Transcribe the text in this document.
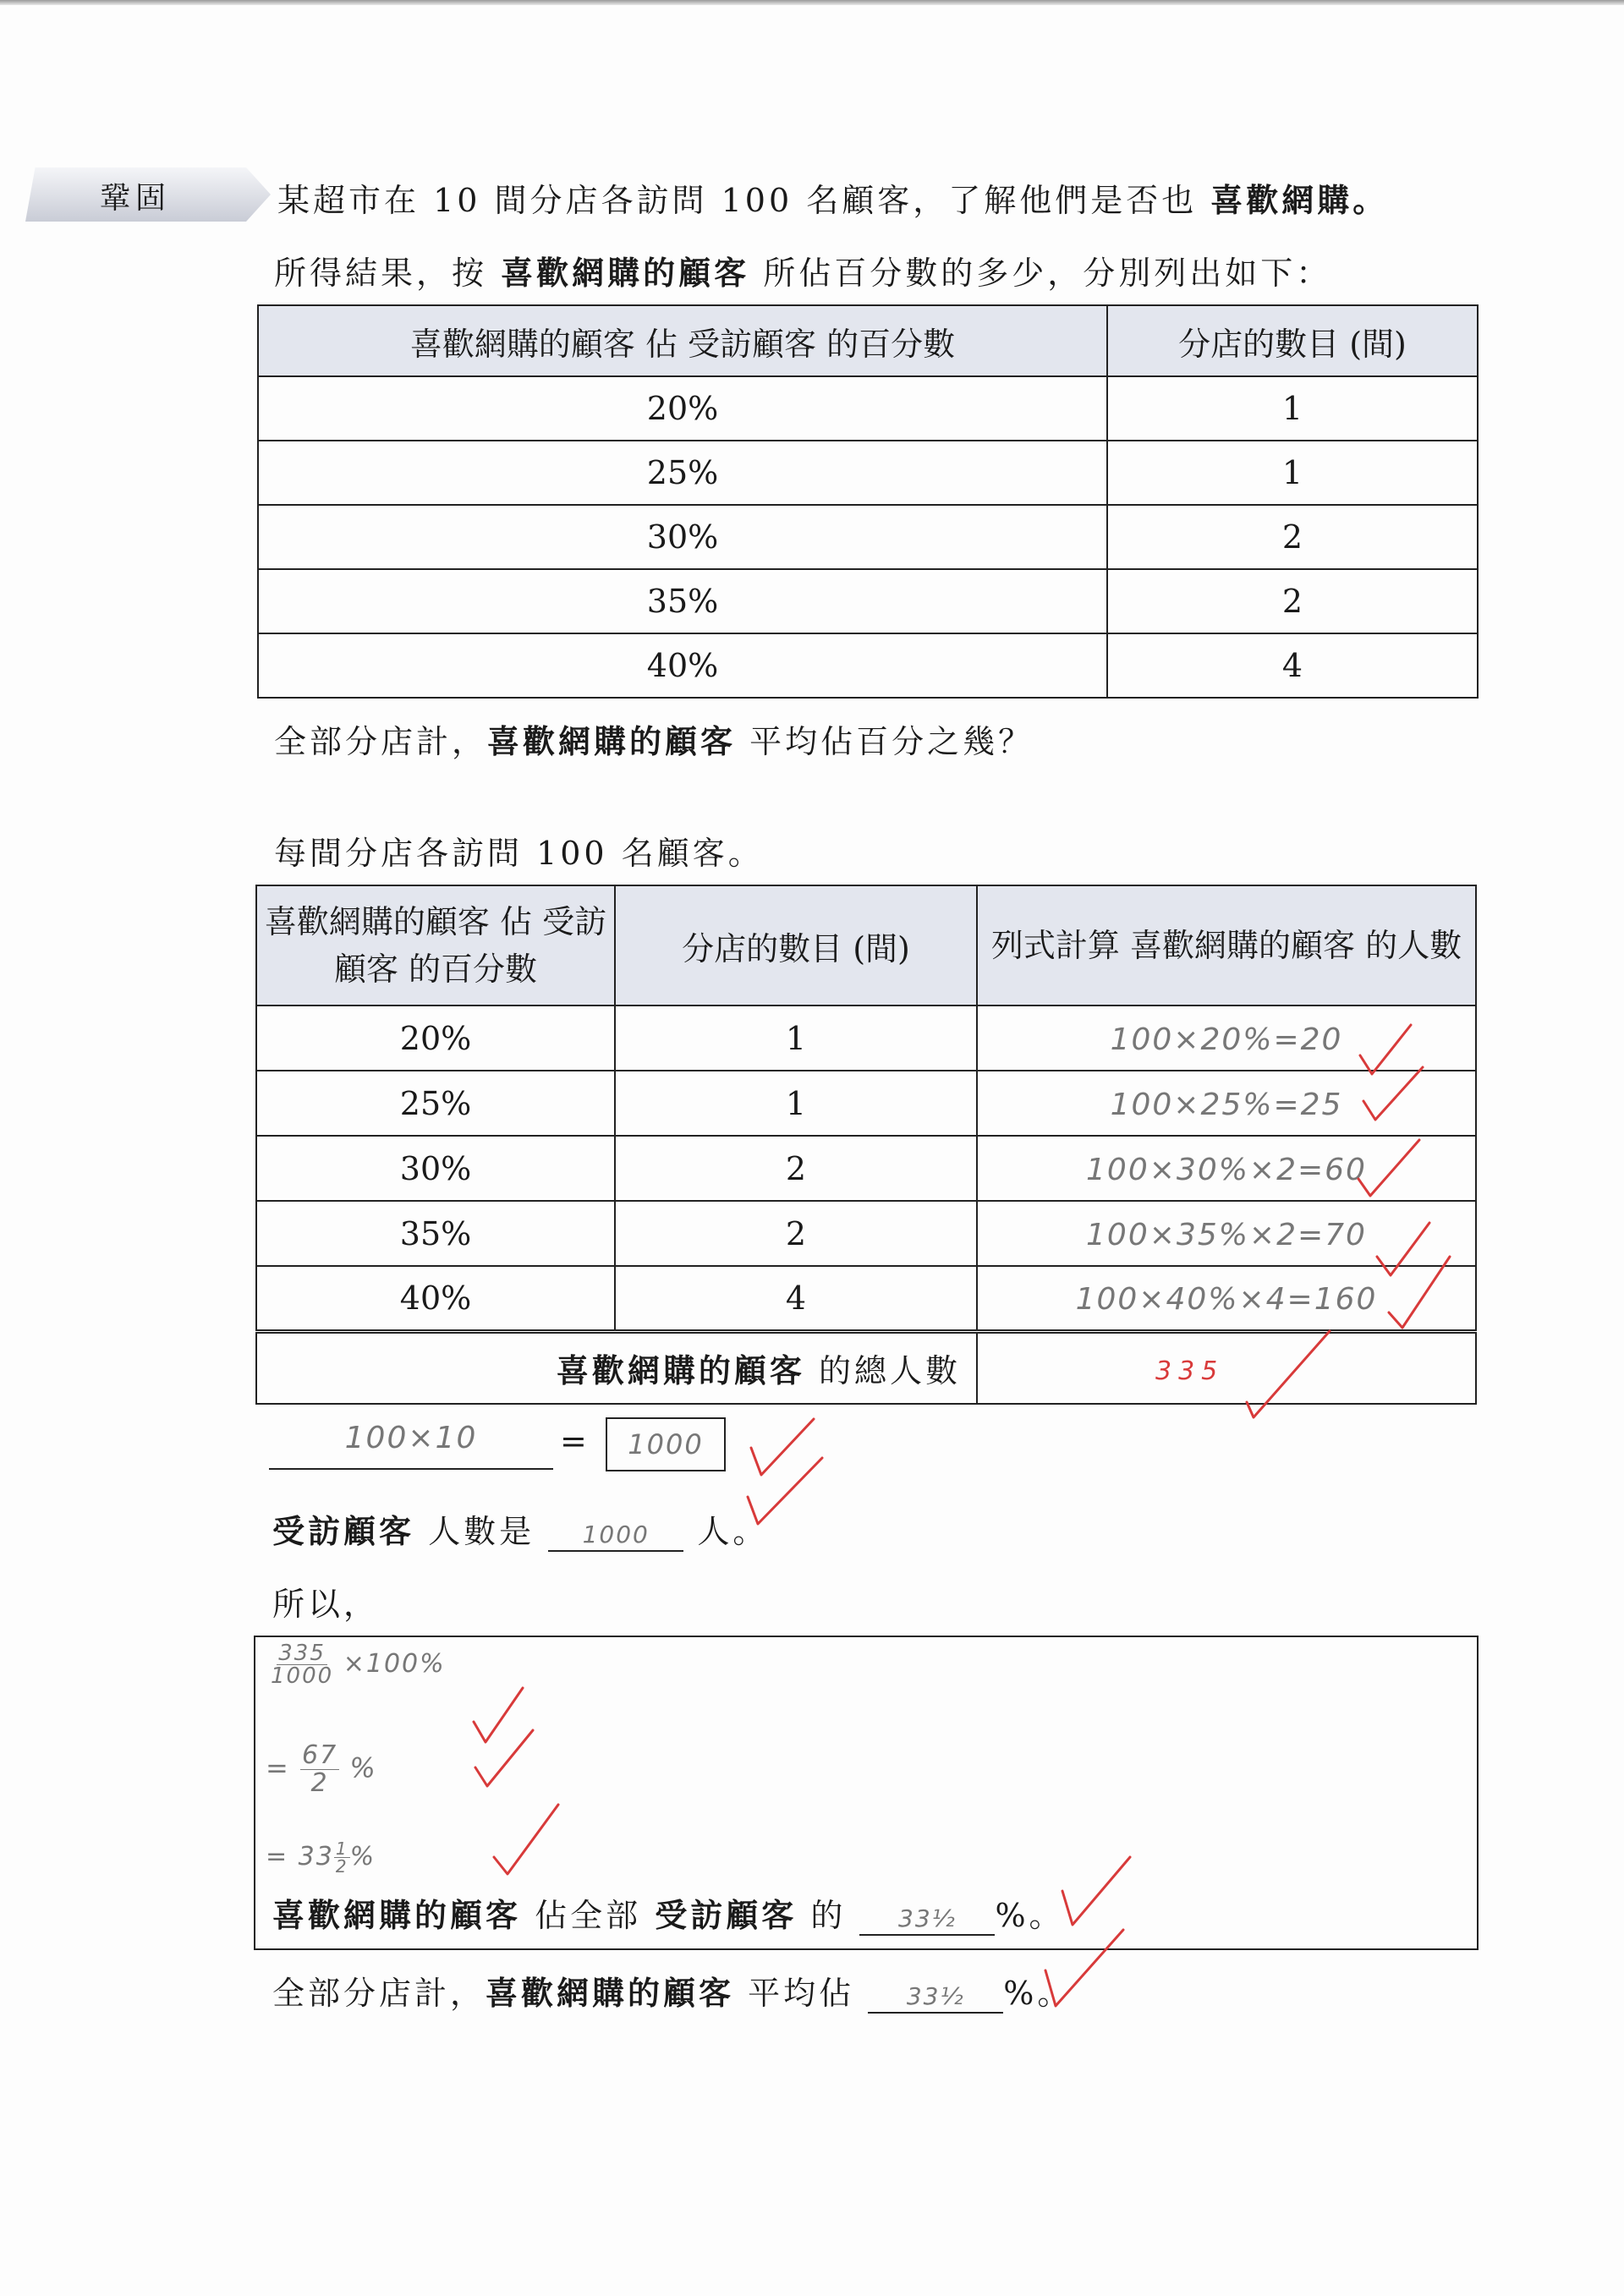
鞏固	某超市在 10 間分店各訪問 100 名顧客，了解他們是否也 喜歡網購。
所得結果，按 喜歡網購的顧客 所佔百分數的多少，分別列出如下：
喜歡網購的顧客 佔 受訪顧客 的百分數	分店的數目 (間)
20%	1
25%	1
30%	2
35%	2
40%	4
全部分店計，喜歡網購的顧客 平均佔百分之幾？
每間分店各訪問 100 名顧客。
喜歡網購的顧客 佔 受訪顧客 的百分數	分店的數目 (間)	列式計算 喜歡網購的顧客 的人數
20%	1	100×20%=20
25%	1	100×25%=25
30%	2	100×30%×2=60
35%	2	100×35%×2=70
40%	4	100×40%×4=160
喜歡網購的顧客 的總人數		335
100×10	=	1000
受訪顧客 人數是 1000 人。
所以，
$\frac{335}{1000} \times 100\%$
= $\frac{67}{2}$ %
= $33 \frac{1}{2}$ %
喜歡網購的顧客 佔全部 受訪顧客 的 33½ %。
全部分店計，喜歡網購的顧客 平均佔 33½ %。
